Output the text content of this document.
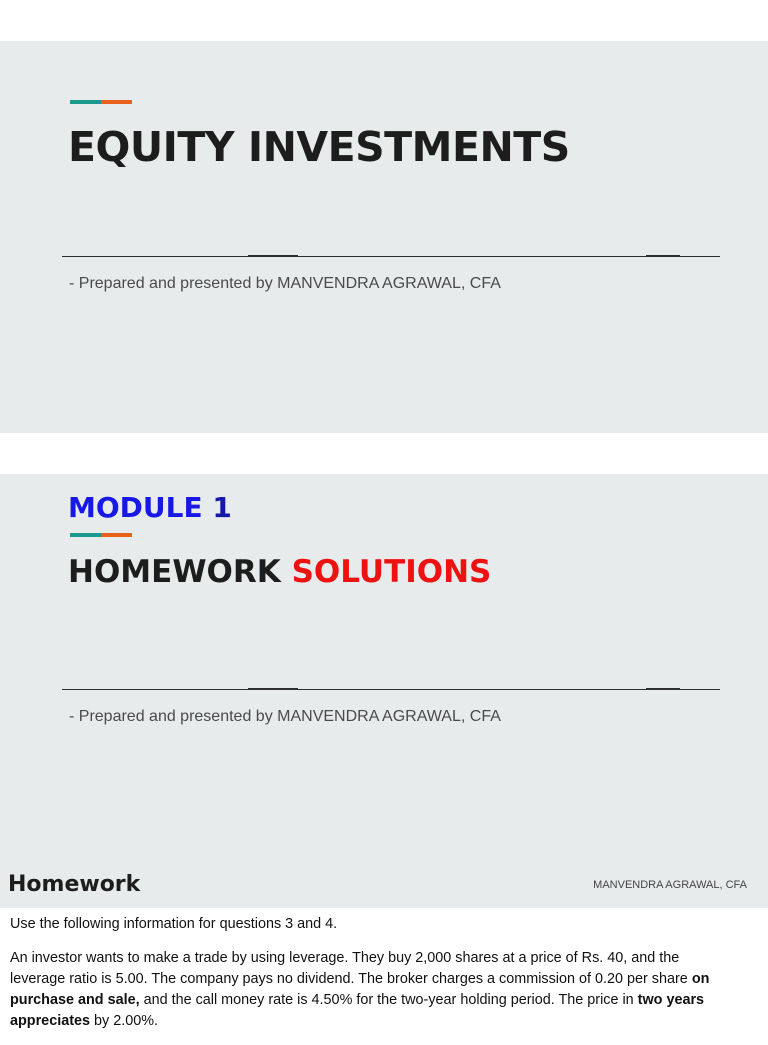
EQUITY INVESTMENTS
- Prepared and presented by MANVENDRA AGRAWAL, CFA
MODULE 1
HOMEWORK SOLUTIONS
- Prepared and presented by MANVENDRA AGRAWAL, CFA
Homework	MANVENDRA AGRAWAL, CFA

Use the following information for questions 3 and 4.

An investor wants to make a trade by using leverage. They buy 2,000 shares at a price of Rs. 40, and the leverage ratio is 5.00. The company pays no dividend. The broker charges a commission of 0.20 per share on purchase and sale, and the call money rate is 4.50% for the two-year holding period. The price in two years appreciates by 2.00%.
